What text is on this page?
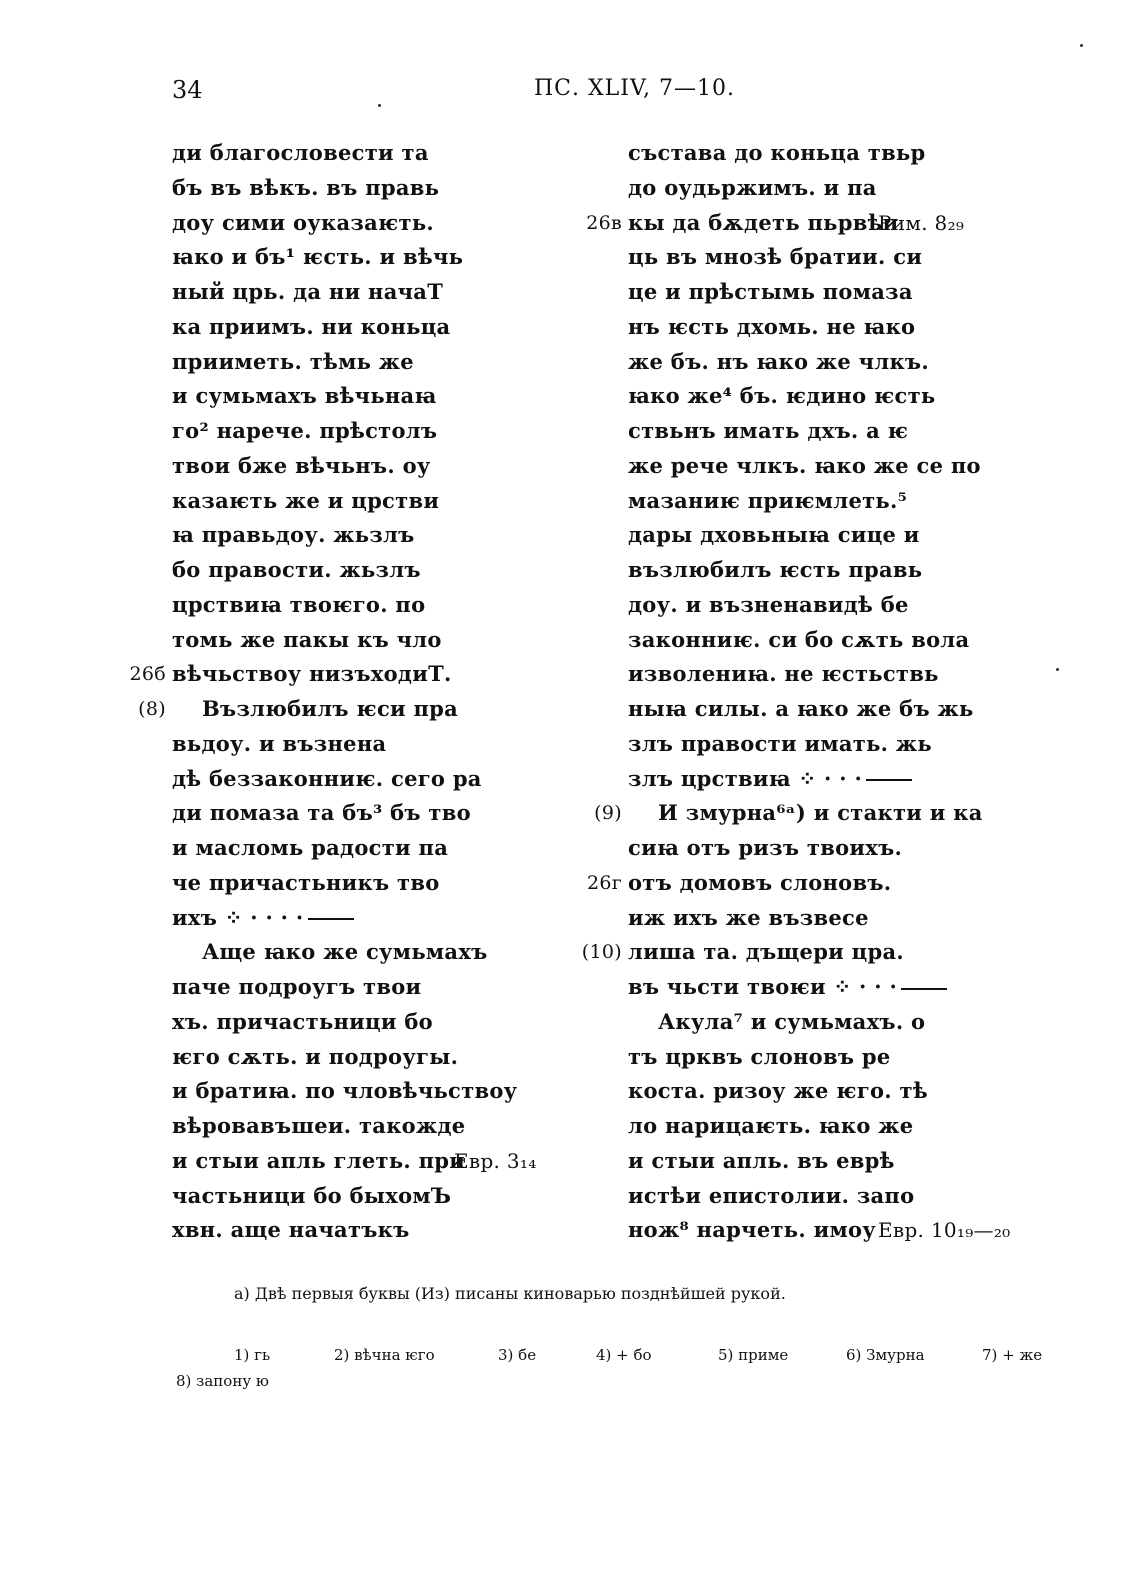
34	ПС. XLIV, 7—10.
ди благословести та
бъ въ вѣкъ. въ правь
доу сими оуказаѥть.
ꙗко и бъ¹ ѥсть. и вѣчь
ный црь. да ни начаТ
ка приимъ. ни коньца
прииметь. тѣмь же
и сумьмахъ вѣчьнаꙗ
го² нарече. прѣстолъ
твои бже вѣчьнъ. оу
казаѥть же и црстви
ꙗ правьдоу. жьзлъ
бо правости. жьзлъ
црствиꙗ твоѥго. по
томь же пакы къ чло
вѣчьствоу низъходиТ.
26б
Възлюбилъ ѥси пра
(8)
вьдоу. и възнена
дѣ беззаконниѥ. сего ра
ди помаза та бъ³ бъ тво
и масломь радости па
че причастьникъ тво
ихъ ⁘ · · · ·
Аще ꙗко же сумьмахъ
паче подроугъ твои
хъ. причастьници бо
ѥго сѫть. и подроугы.
и братиꙗ. по чловѣчьствоу
вѣровавъшеи. такожде
и стыи апль глеть. при
Евр. 3₁₄
частьници бо быхомЪ
хвн. аще начатъкъ
състава до коньца твьр
до оудьржимъ. и па
кы да бѫдеть пьрвѣи
26в	Рим. 8₂₉
ць въ мнозѣ братии. си
це и прѣстымь помаза
нъ ѥсть дхомь. не ꙗко
же бъ. нъ ꙗко же члкъ.
ꙗко же⁴ бъ. ѥдино ѥсть
ствьнъ имать дхъ. а ѥ
же рече члкъ. ꙗко же се по
мазаниѥ приѥмлеть.⁵
дары дховьныꙗ сице и
възлюбилъ ѥсть правь
доу. и възненавидѣ бе
законниѥ. си бо сѫть вола
изволениꙗ. не ѥстьствь
ныꙗ силы. а ꙗко же бъ жь
злъ правости имать. жь
злъ црствиꙗ ⁘ · · ·
И змурна⁶ᵃ) и стакти и ка
(9)
сиꙗ отъ ризъ твоихъ.
отъ домовъ слоновъ.
26г
иж ихъ же възвесе
лиша та. дъщери цра.
(10)
въ чьсти твоѥи ⁘ · · ·
Акула⁷ и сумьмахъ. о
тъ црквъ слоновъ ре
коста. ризоу же ѥго. тѣ
ло нарицаѥть. ꙗко же
и стыи апль. въ еврѣ
истѣи епистолии. запо
нож⁸ нарчеть. имоу Евр. 10₁₉—₂₀
а) Двѣ первыя буквы (Из) писаны киноварью позднѣйшей рукой.
1) гь	2) вѣчна ѥго	3) бе	4) + бо	5) приме	6) Змурна	7) + же
8) запону ю
